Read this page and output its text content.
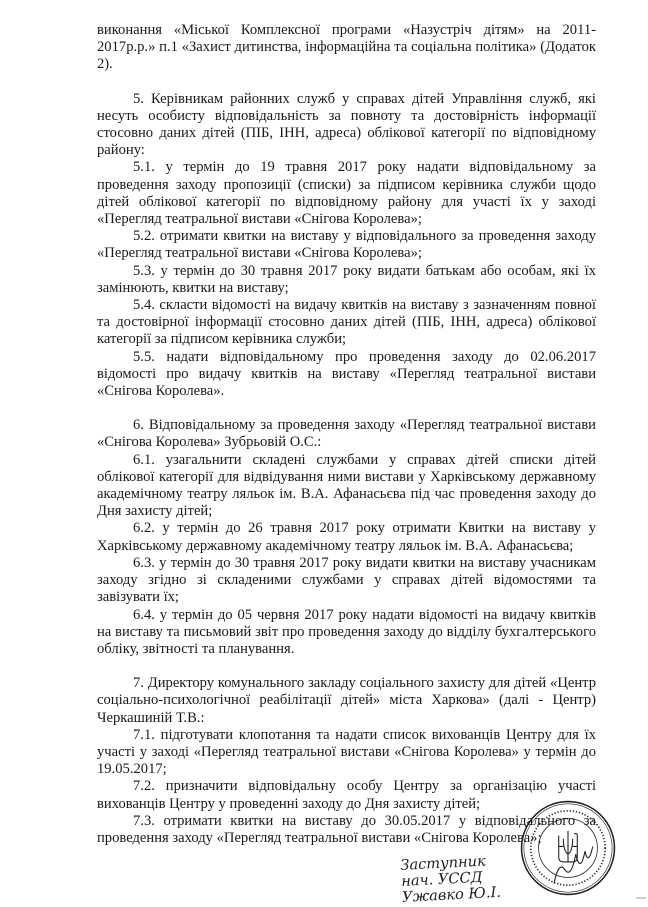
виконання «Міської Комплексної програми «Назустріч дітям» на 2011-2017р.р.» п.1 «Захист дитинства, інформаційна та соціальна політика» (Додаток 2).

5. Керівникам районних служб у справах дітей Управління служб, які несуть особисту відповідальність за повноту та достовірність інформації стосовно даних дітей (ПІБ, ІНН, адреса) облікової категорії по відповідному району:

5.1. у термін до 19 травня 2017 року надати відповідальному за проведення заходу пропозиції (списки) за підписом керівника служби щодо дітей облікової категорії по відповідному району для участі їх у заході «Перегляд театральної вистави «Снігова Королева»;

5.2. отримати квитки на виставу у відповідального за проведення заходу «Перегляд театральної вистави «Снігова Королева»;

5.3. у термін до 30 травня 2017 року видати батькам або особам, які їх замінюють, квитки на виставу;

5.4. скласти відомості на видачу квитків на виставу з зазначенням повної та достовірної інформації стосовно даних дітей (ПІБ, ІНН, адреса) облікової категорії за підписом керівника служби;

5.5. надати відповідальному про проведення заходу до 02.06.2017 відомості про видачу квитків на виставу «Перегляд театральної вистави «Снігова Королева».

6. Відповідальному за проведення заходу «Перегляд театральної вистави «Снігова Королева» Зубрьовій О.С.:

6.1. узагальнити складені службами у справах дітей списки дітей облікової категорії для відвідування ними вистави у Харківському державному академічному театру ляльок ім. В.А. Афанасьєва під час проведення заходу до Дня захисту дітей;

6.2. у термін до 26 травня 2017 року отримати Квитки на виставу у Харківському державному академічному театру ляльок ім. В.А. Афанасьєва;

6.3. у термін до 30 травня 2017 року видати квитки на виставу учасникам заходу згідно зі складеними службами у справах дітей відомостями та завізувати їх;

6.4. у термін до 05 червня 2017 року надати відомості на видачу квитків на виставу та письмовий звіт про проведення заходу до відділу бухгалтерського обліку, звітності та планування.

7. Директору комунального закладу соціального захисту для дітей «Центр соціально-психологічної реабілітації дітей» міста Харкова» (далі - Центр) Черкашиній Т.В.:

7.1. підготувати клопотання та надати список вихованців Центру для їх участі у заході «Перегляд театральної вистави «Снігова Королева» у термін до 19.05.2017;

7.2. призначити відповідальну особу Центру за організацію участі вихованців Центру у проведенні заходу до Дня захисту дітей;

7.3. отримати квитки на виставу до 30.05.2017 у відповідального за проведення заходу «Перегляд театральної вистави «Снігова Королева»;

Заступник нач. УССД Ужавко Ю.І.
